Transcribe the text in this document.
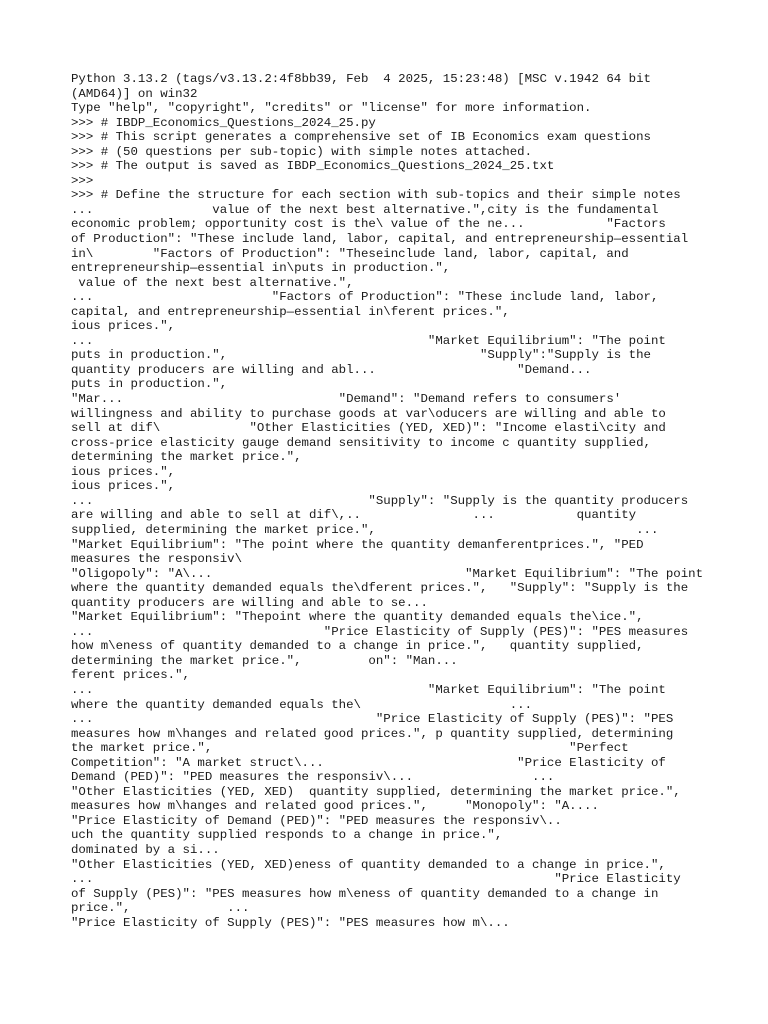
Python 3.13.2 (tags/v3.13.2:4f8bb39, Feb  4 2025, 15:23:48) [MSC v.1942 64 bit
(AMD64)] on win32
Type "help", "copyright", "credits" or "license" for more information.
>>> # IBDP_Economics_Questions_2024_25.py
>>> # This script generates a comprehensive set of IB Economics exam questions
>>> # (50 questions per sub-topic) with simple notes attached.
>>> # The output is saved as IBDP_Economics_Questions_2024_25.txt
>>>
>>> # Define the structure for each section with sub-topics and their simple notes
...                value of the next best alternative.",city is the fundamental
economic problem; opportunity cost is the\ value of the ne...           "Factors
of Production": "These include land, labor, capital, and entrepreneurship—essential
in\        "Factors of Production": "Theseinclude land, labor, capital, and
entrepreneurship—essential in\puts in production.",
value of the next best alternative.",
...                        "Factors of Production": "These include land, labor,
capital, and entrepreneurship—essential in\ferent prices.",
ious prices.",
...                                             "Market Equilibrium": "The point
puts in production.",                                  "Supply":"Supply is the
quantity producers are willing and abl...                   "Demand...
puts in production.",
"Mar...                             "Demand": "Demand refers to consumers'
willingness and ability to purchase goods at var\oducers are willing and able to
sell at dif\            "Other Elasticities (YED, XED)": "Income elasti\city and
cross-price elasticity gauge demand sensitivity to income c quantity supplied,
determining the market price.",
ious prices.",
ious prices.",
...                                     "Supply": "Supply is the quantity producers
are willing and able to sell at dif\,..               ...           quantity
supplied, determining the market price.",                                   ...
"Market Equilibrium": "The point where the quantity demanferentprices.", "PED
measures the responsiv\
"Oligopoly": "A\...                                  "Market Equilibrium": "The point
where the quantity demanded equals the\dferent prices.",   "Supply": "Supply is the
quantity producers are willing and able to se...
"Market Equilibrium": "Thepoint where the quantity demanded equals the\ice.",
...                               "Price Elasticity of Supply (PES)": "PES measures
how m\eness of quantity demanded to a change in price.",   quantity supplied,
determining the market price.",         on": "Man...
ferent prices.",
...                                             "Market Equilibrium": "The point
where the quantity demanded equals the\                    ...
...                                      "Price Elasticity of Supply (PES)": "PES
measures how m\hanges and related good prices.", p quantity supplied, determining
the market price.",                                                "Perfect
Competition": "A market struct\...                          "Price Elasticity of
Demand (PED)": "PED measures the responsiv\...                ...
"Other Elasticities (YED, XED)  quantity supplied, determining the market price.",
measures how m\hanges and related good prices.",     "Monopoly": "A....
"Price Elasticity of Demand (PED)": "PED measures the responsiv\..
uch the quantity supplied responds to a change in price.",
dominated by a si...
"Other Elasticities (YED, XED)eness of quantity demanded to a change in price.",
...                                                              "Price Elasticity
of Supply (PES)": "PES measures how m\eness of quantity demanded to a change in
price.",             ...
"Price Elasticity of Supply (PES)": "PES measures how m\...
